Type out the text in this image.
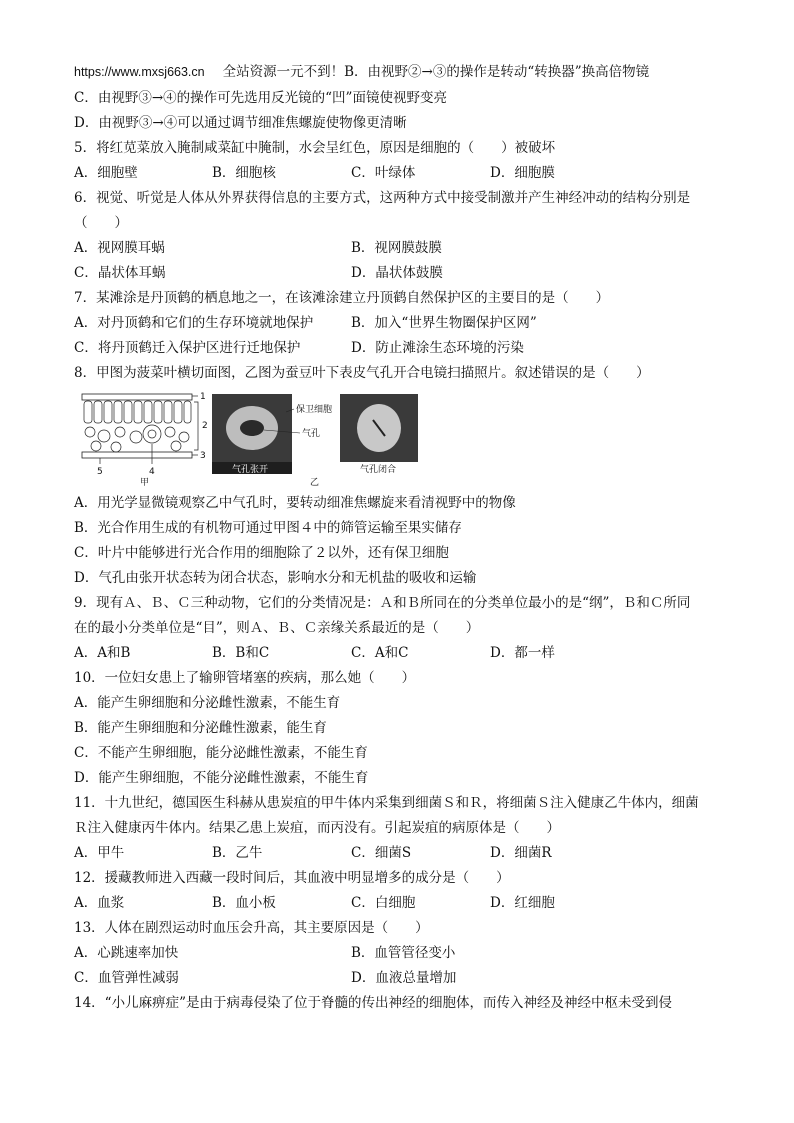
https://www.mxsj663.cn 全站资源一元不到！B．由视野②→③的操作是转动“转换器”换高倍物镜
C．由视野③→④的操作可先选用反光镜的“凹”面镜使视野变亮
D．由视野③→④可以通过调节细准焦螺旋使物像更清晰
5．将红苋菜放入腌制咸菜缸中腌制，水会呈红色，原因是细胞的（　　）被破坏
A．细胞壁	B．细胞核	C．叶绿体	D．细胞膜
6．视觉、听觉是人体从外界获得信息的主要方式，这两种方式中接受制激并产生神经冲动的结构分别是
（　　）
A．视网膜耳蜗	B．视网膜鼓膜
C．晶状体耳蜗	D．晶状体鼓膜
7．某滩涂是丹顶鹤的栖息地之一，在该滩涂建立丹顶鹤自然保护区的主要目的是（　　）
A．对丹顶鹤和它们的生存环境就地保护	B．加入“世界生物圈保护区网”
C．将丹顶鹤迁入保护区进行迁地保护	D．防止滩涂生态环境的污染
8．甲图为菠菜叶横切面图，乙图为蚕豆叶下表皮气孔开合电镜扫描照片。叙述错误的是（　　）
1
2
3
5	4
甲
气孔张开
保卫细胞
气孔
气孔闭合
乙
A．用光学显微镜观察乙中气孔时，要转动细准焦螺旋来看清视野中的物像
B．光合作用生成的有机物可通过甲图４中的筛管运输至果实储存
C．叶片中能够进行光合作用的细胞除了２以外，还有保卫细胞
D．气孔由张开状态转为闭合状态，影响水分和无机盐的吸收和运输
9．现有Ａ、Ｂ、Ｃ三种动物，它们的分类情况是：Ａ和Ｂ所同在的分类单位最小的是“纲”，Ｂ和Ｃ所同
在的最小分类单位是“目”，则Ａ、Ｂ、Ｃ亲缘关系最近的是（　　）
A．A和B	B．B和C	C．A和C	D．都一样
10．一位妇女患上了输卵管堵塞的疾病，那么她（　　）
A．能产生卵细胞和分泌雌性激素，不能生育
B．能产生卵细胞和分泌雌性激素，能生育
C．不能产生卵细胞，能分泌雌性激素，不能生育
D．能产生卵细胞，不能分泌雌性激素，不能生育
11．十九世纪，德国医生科赫从患炭疽的甲牛体内采集到细菌Ｓ和Ｒ，将细菌Ｓ注入健康乙牛体内，细菌
Ｒ注入健康丙牛体内。结果乙患上炭疽，而丙没有。引起炭疽的病原体是（　　）
A．甲牛	B．乙牛	C．细菌S	D．细菌R
12．援藏教师进入西藏一段时间后，其血液中明显增多的成分是（　　）
A．血浆	B．血小板	C．白细胞	D．红细胞
13．人体在剧烈运动时血压会升高，其主要原因是（　　）
A．心跳速率加快	B．血管管径变小
C．血管弹性减弱	D．血液总量增加
14．“小儿麻痹症”是由于病毒侵染了位于脊髓的传出神经的细胞体，而传入神经及神经中枢未受到侵
